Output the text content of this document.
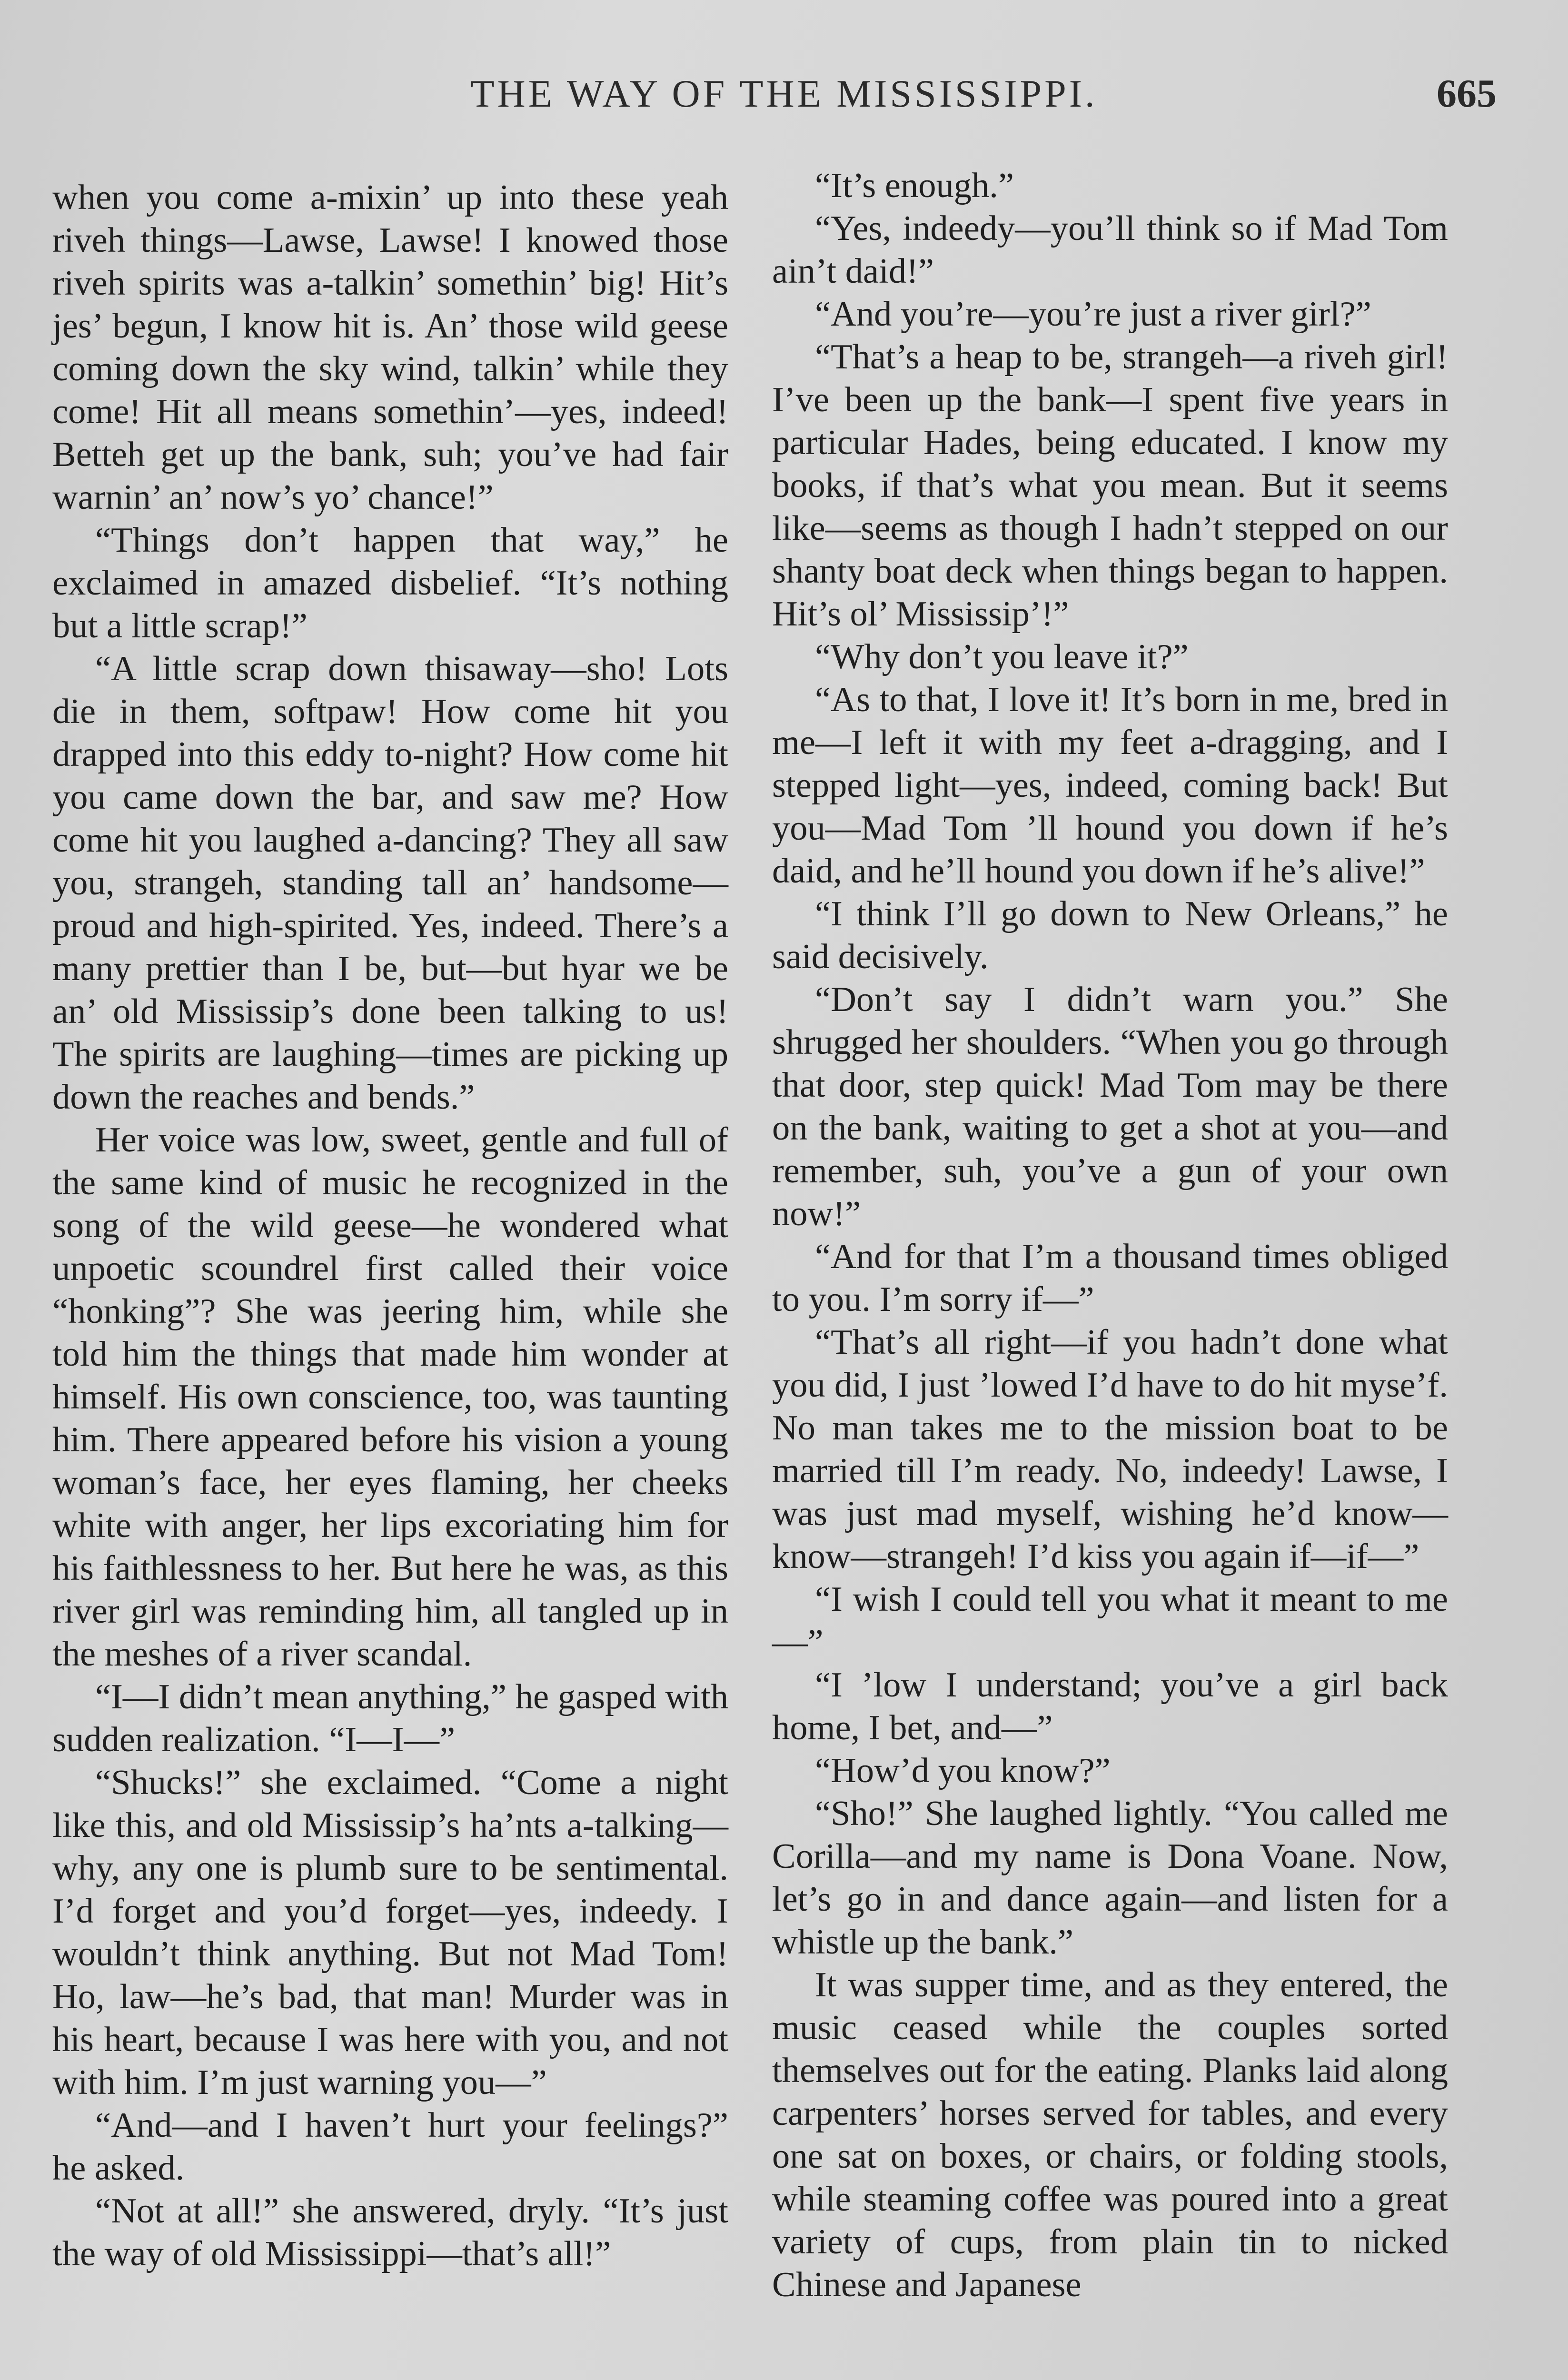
THE WAY OF THE MISSISSIPPI.	665

when you come a-mixin’ up into these yeah riveh things—Lawse, Lawse! I knowed those riveh spirits was a-talkin’ somethin’ big! Hit’s jes’ begun, I know hit is. An’ those wild geese coming down the sky wind, talkin’ while they come! Hit all means somethin’—yes, indeed! Betteh get up the bank, suh; you’ve had fair warnin’ an’ now’s yo’ chance!”

“Things don’t happen that way,” he exclaimed in amazed disbelief. “It’s nothing but a little scrap!”

“A little scrap down thisaway—sho! Lots die in them, softpaw! How come hit you drapped into this eddy to-night? How come hit you came down the bar, and saw me? How come hit you laughed a-dancing? They all saw you, strangeh, standing tall an’ handsome—proud and high-spirited. Yes, indeed. There’s a many prettier than I be, but—but hyar we be an’ old Mississip’s done been talking to us! The spirits are laughing—times are picking up down the reaches and bends.”

Her voice was low, sweet, gentle and full of the same kind of music he recognized in the song of the wild geese—he wondered what unpoetic scoundrel first called their voice “honking”? She was jeering him, while she told him the things that made him wonder at himself. His own conscience, too, was taunting him. There appeared before his vision a young woman’s face, her eyes flaming, her cheeks white with anger, her lips excoriating him for his faithlessness to her. But here he was, as this river girl was reminding him, all tangled up in the meshes of a river scandal.

“I—I didn’t mean anything,” he gasped with sudden realization. “I—I—”

“Shucks!” she exclaimed. “Come a night like this, and old Mississip’s ha’nts a-talking—why, any one is plumb sure to be sentimental. I’d forget and you’d forget—yes, indeedy. I wouldn’t think anything. But not Mad Tom! Ho, law—he’s bad, that man! Murder was in his heart, because I was here with you, and not with him. I’m just warning you—”

“And—and I haven’t hurt your feelings?” he asked.

“Not at all!” she answered, dryly. “It’s just the way of old Mississippi—that’s all!”

“It’s enough.”

“Yes, indeedy—you’ll think so if Mad Tom ain’t daid!”

“And you’re—you’re just a river girl?”

“That’s a heap to be, strangeh—a riveh girl! I’ve been up the bank—I spent five years in particular Hades, being educated. I know my books, if that’s what you mean. But it seems like—seems as though I hadn’t stepped on our shanty boat deck when things began to happen. Hit’s ol’ Mississip’!”

“Why don’t you leave it?”

“As to that, I love it! It’s born in me, bred in me—I left it with my feet a-dragging, and I stepped light—yes, indeed, coming back! But you—Mad Tom ’ll hound you down if he’s daid, and he’ll hound you down if he’s alive!”

“I think I’ll go down to New Orleans,” he said decisively.

“Don’t say I didn’t warn you.” She shrugged her shoulders. “When you go through that door, step quick! Mad Tom may be there on the bank, waiting to get a shot at you—and remember, suh, you’ve a gun of your own now!”

“And for that I’m a thousand times obliged to you. I’m sorry if—”

“That’s all right—if you hadn’t done what you did, I just ’lowed I’d have to do hit myse’f. No man takes me to the mission boat to be married till I’m ready. No, indeedy! Lawse, I was just mad myself, wishing he’d know—know—strangeh! I’d kiss you again if—if—”

“I wish I could tell you what it meant to me—”

“I ’low I understand; you’ve a girl back home, I bet, and—”

“How’d you know?”

“Sho!” She laughed lightly. “You called me Corilla—and my name is Dona Voane. Now, let’s go in and dance again—and listen for a whistle up the bank.”

It was supper time, and as they entered, the music ceased while the couples sorted themselves out for the eating. Planks laid along carpenters’ horses served for tables, and every one sat on boxes, or chairs, or folding stools, while steaming coffee was poured into a great variety of cups, from plain tin to nicked Chinese and Japanese
